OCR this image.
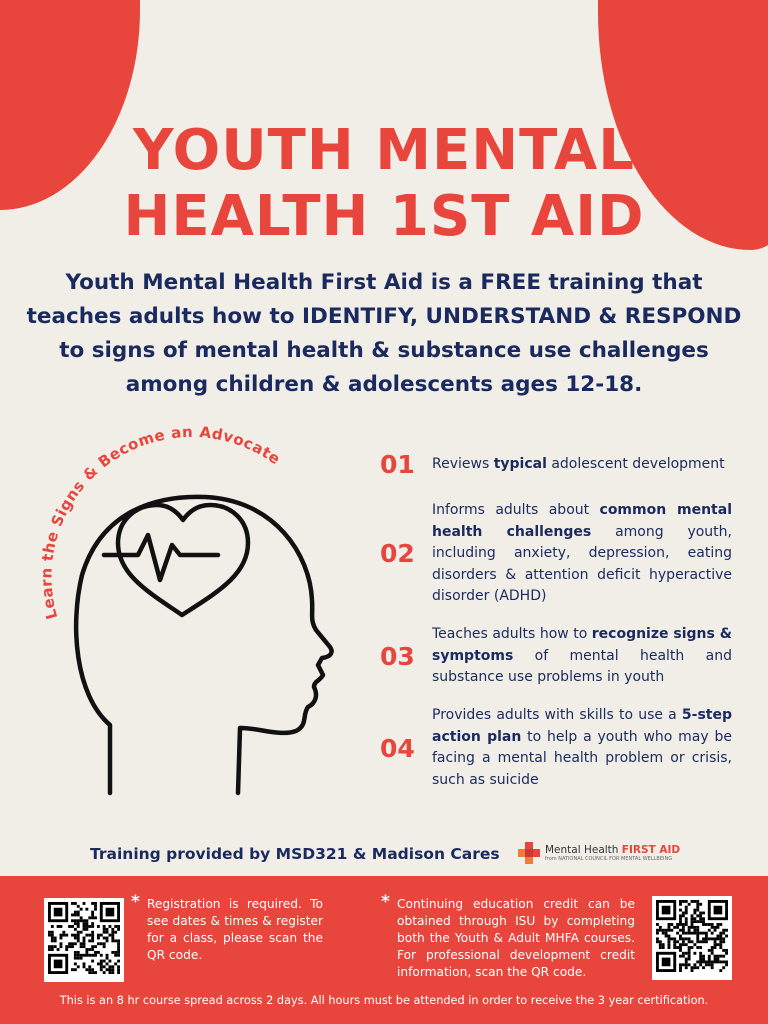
YOUTH MENTAL
HEALTH 1ST AID
Youth Mental Health First Aid is a FREE training that
teaches adults how to IDENTIFY, UNDERSTAND & RESPOND
to signs of mental health & substance use challenges
among children & adolescents ages 12-18.
Learn the Signs & Become an Advocate	01	Reviews typical adolescent development
02
Informs adults about common mental health challenges among youth, including anxiety, depression, eating disorders & attention deficit hyperactive disorder (ADHD)
03
Teaches adults how to recognize signs & symptoms of mental health and substance use problems in youth
04
Provides adults with skills to use a 5-step action plan to help a youth who may be facing a mental health problem or crisis, such as suicide
Training provided by MSD321 & Madison Cares	Mental Health FIRST AID
from NATIONAL COUNCIL FOR MENTAL WELLBEING
* Registration is required. To see dates & times & register for a class, please scan the QR code.
* Continuing education credit can be obtained through ISU by completing both the Youth & Adult MHFA courses. For professional development credit information, scan the QR code.
This is an 8 hr course spread across 2 days. All hours must be attended in order to receive the 3 year certification.
